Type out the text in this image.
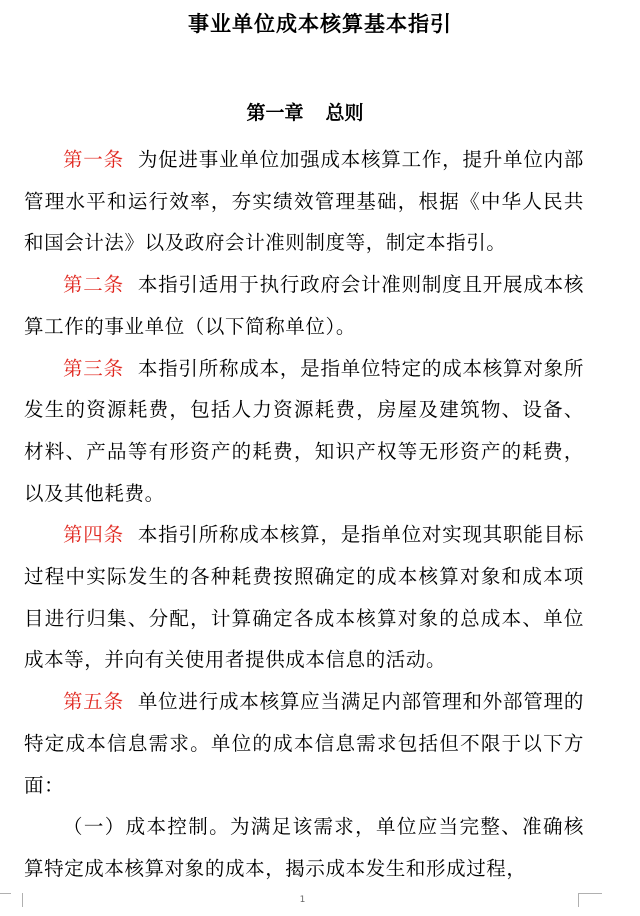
事业单位成本核算基本指引
第一章 总则

第一条 为促进事业单位加强成本核算工作，提升单位内部管理水平和运行效率，夯实绩效管理基础，根据《中华人民共和国会计法》以及政府会计准则制度等，制定本指引。

第二条 本指引适用于执行政府会计准则制度且开展成本核算工作的事业单位（以下简称单位）。

第三条 本指引所称成本，是指单位特定的成本核算对象所发生的资源耗费，包括人力资源耗费，房屋及建筑物、设备、材料、产品等有形资产的耗费，知识产权等无形资产的耗费，以及其他耗费。

第四条 本指引所称成本核算，是指单位对实现其职能目标过程中实际发生的各种耗费按照确定的成本核算对象和成本项目进行归集、分配，计算确定各成本核算对象的总成本、单位成本等，并向有关使用者提供成本信息的活动。

第五条 单位进行成本核算应当满足内部管理和外部管理的特定成本信息需求。单位的成本信息需求包括但不限于以下方面：

（一）成本控制。为满足该需求，单位应当完整、准确核算特定成本核算对象的成本，揭示成本发生和形成过程，

1
